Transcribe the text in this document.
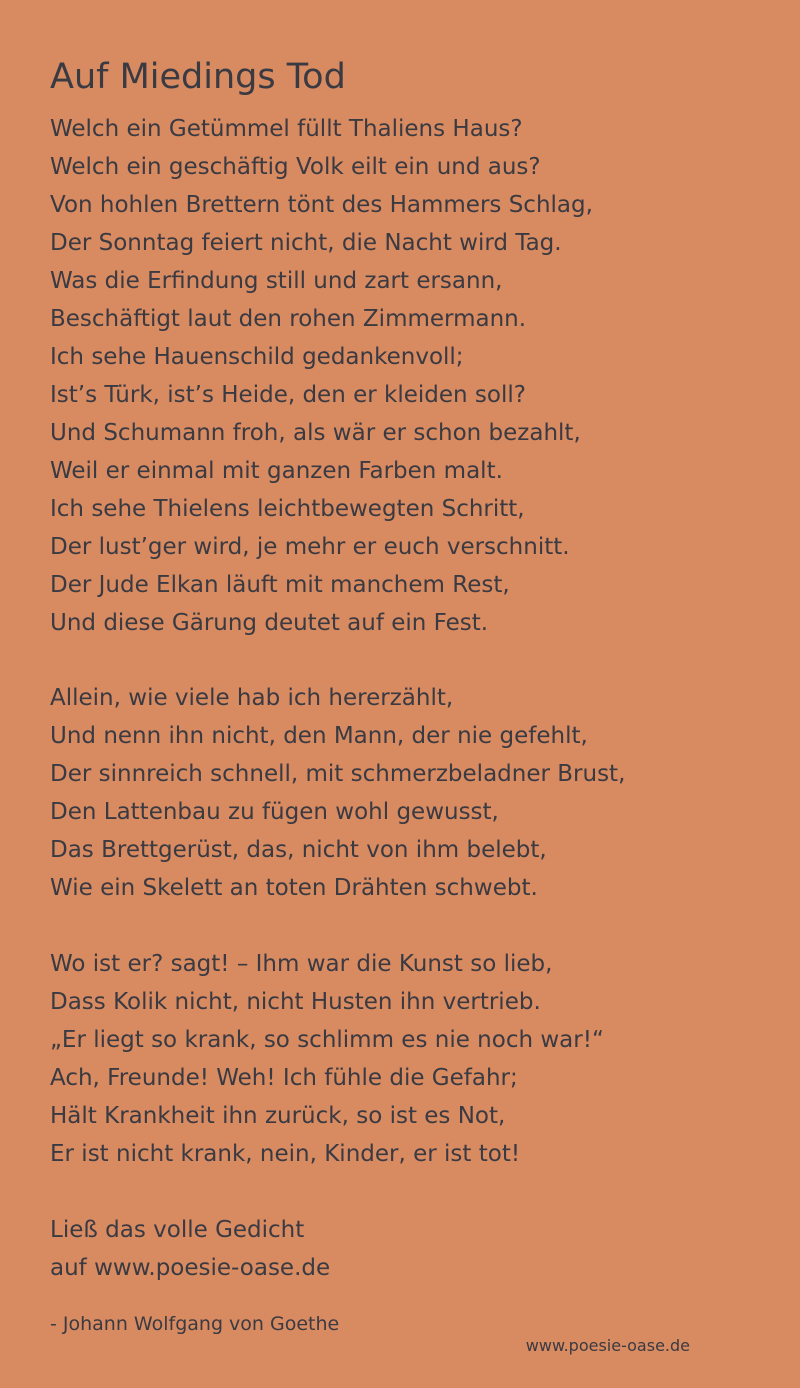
Auf Miedings Tod
Welch ein Getümmel füllt Thaliens Haus?
Welch ein geschäftig Volk eilt ein und aus?
Von hohlen Brettern tönt des Hammers Schlag,
Der Sonntag feiert nicht, die Nacht wird Tag.
Was die Erfindung still und zart ersann,
Beschäftigt laut den rohen Zimmermann.
Ich sehe Hauenschild gedankenvoll;
Ist’s Türk, ist’s Heide, den er kleiden soll?
Und Schumann froh, als wär er schon bezahlt,
Weil er einmal mit ganzen Farben malt.
Ich sehe Thielens leichtbewegten Schritt,
Der lust’ger wird, je mehr er euch verschnitt.
Der Jude Elkan läuft mit manchem Rest,
Und diese Gärung deutet auf ein Fest.
Allein, wie viele hab ich hererzählt,
Und nenn ihn nicht, den Mann, der nie gefehlt,
Der sinnreich schnell, mit schmerzbeladner Brust,
Den Lattenbau zu fügen wohl gewusst,
Das Brettgerüst, das, nicht von ihm belebt,
Wie ein Skelett an toten Drähten schwebt.
Wo ist er? sagt! – Ihm war die Kunst so lieb,
Dass Kolik nicht, nicht Husten ihn vertrieb.
„Er liegt so krank, so schlimm es nie noch war!“
Ach, Freunde! Weh! Ich fühle die Gefahr;
Hält Krankheit ihn zurück, so ist es Not,
Er ist nicht krank, nein, Kinder, er ist tot!
Ließ das volle Gedicht
auf www.poesie-oase.de
- Johann Wolfgang von Goethe
www.poesie-oase.de
